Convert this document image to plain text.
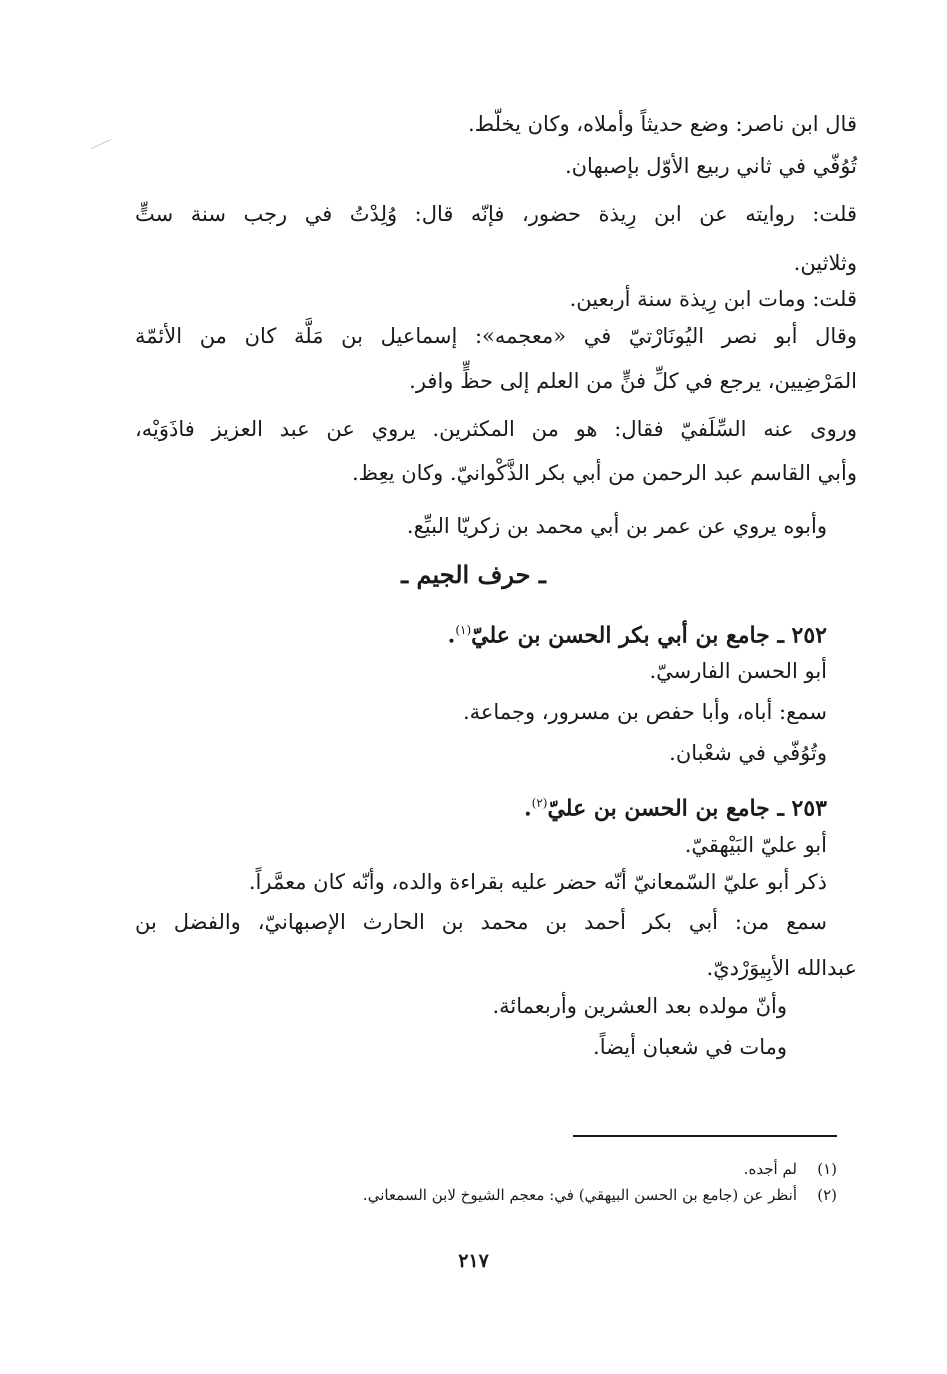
قال ابن ناصر: وضع حديثاً وأملاه، وكان يخلّط.
تُوُفّي في ثاني ربيع الأوّل بإصبهان.
قلت: روايته عن ابن رِيذة حضور، فإنّه قال: وُلِدْتُ في رجب سنة ستٍّ
وثلاثين.
قلت: ومات ابن رِيذة سنة أربعين.
وقال أبو نصر اليُونَارْتيّ في «معجمه»: إسماعيل بن مَلَّة كان من الأئمّة
المَرْضِيين، يرجع في كلِّ فنٍّ من العلم إلى حظٍّ وافر.
وروى عنه السِّلَفيّ فقال: هو من المكثرين. يروي عن عبد العزيز فاذَوَيْه،
وأبي القاسم عبد الرحمن من أبي بكر الذَّكْوانيّ. وكان يعِظ.
وأبوه يروي عن عمر بن أبي محمد بن زكريّا البيِّع.
ـ حرف الجيم ـ
٢٥٢ ـ جامع بن أبي بكر الحسن بن عليّ$^{(١)}$.
أبو الحسن الفارسيّ.
سمع: أباه، وأبا حفص بن مسرور، وجماعة.
وتُوُفّي في شعْبان.
٢٥٣ ـ جامع بن الحسن بن عليّ$^{(٢)}$.
أبو عليّ البَيْهقيّ.
ذكر أبو عليّ السّمعانيّ أنّه حضر عليه بقراءة والده، وأنّه كان معمَّراً.
سمع من: أبي بكر أحمد بن محمد بن الحارث الإصبهانيّ، والفضل بن
عبدالله الأبِيوَرْديّ.
وأنّ مولده بعد العشرين وأربعمائة.
ومات في شعبان أيضاً.
(١)لم أجده.
(٢)أنظر عن (جامع بن الحسن البيهقي) في: معجم الشيوخ لابن السمعاني.
٢١٧
